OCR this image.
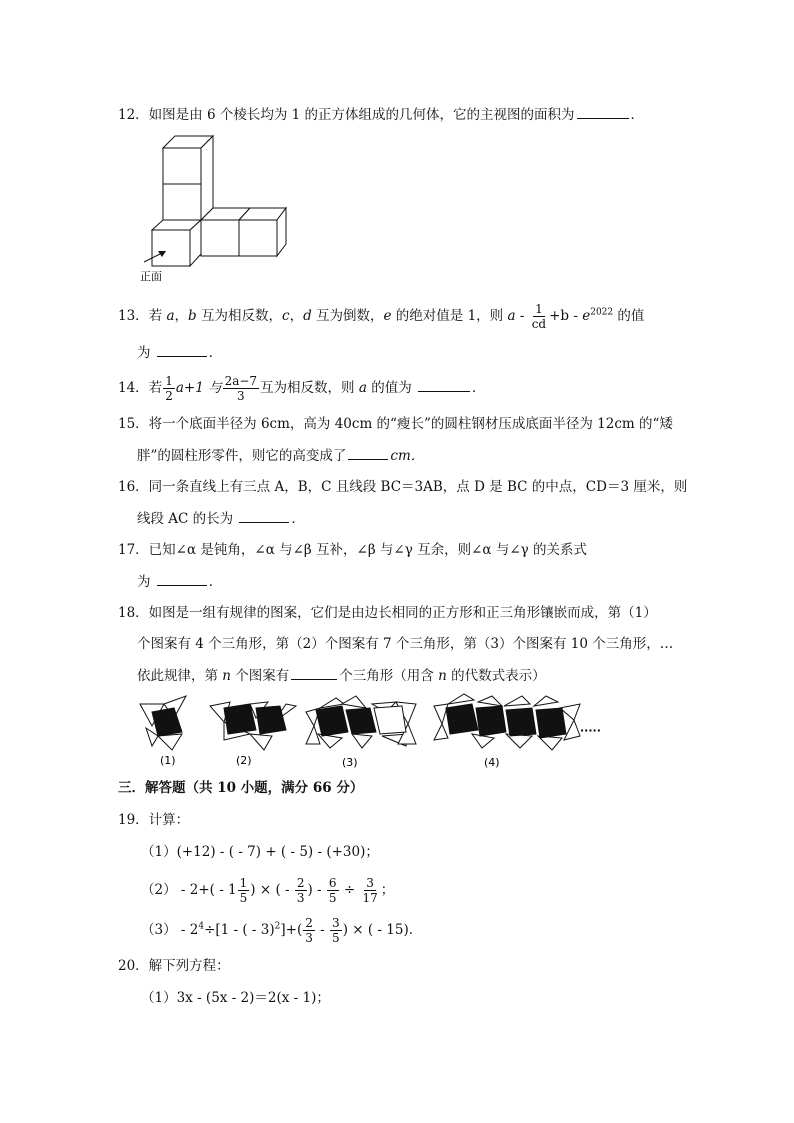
12．如图是由 6 个棱长均为 1 的正方体组成的几何体，它的主视图的面积为	．
正面
13．若 a，b 互为相反数，c，d 互为倒数，e 的绝对值是 1，则 $a - \frac{1}{cd} +b - e^{2022}$ 的值
为	．
14．若 $\frac{1}{2} a+1$ 与 $\frac{2a-7}{3}$ 互为相反数，则 a 的值为	．
15．将一个底面半径为 6cm，高为 40cm 的“瘦长”的圆柱钢材压成底面半径为 12cm 的“矮
胖”的圆柱形零件，则它的高变成了	cm．
16．同一条直线上有三点 A，B，C 且线段 BC＝3AB，点 D 是 BC 的中点，CD＝3 厘米，则
线段 AC 的长为	．
17．已知∠α 是钝角，∠α 与∠β 互补，∠β 与∠γ 互余，则∠α 与∠γ 的关系式
为	．
18．如图是一组有规律的图案，它们是由边长相同的正方形和正三角形镶嵌而成，第（1）
个图案有 4 个三角形，第（2）个图案有 7 个三角形，第（3）个图案有 10 个三角形，…
依此规律，第 n 个图案有	个三角形（用含 n 的代数式表示）
(1)	(2)	(3)	(4)
·····
三．解答题（共 10 小题，满分 66 分）
19．计算：
（1）(+12) - ( - 7) + ( - 5) - (+30)；
$(2) - 2+( - 1 \frac{1}{5}$ ) × ( - $\frac{2}{3}$ ) - $\frac{6}{5} \div \frac{3}{17}$ ；
$(3) - 2^4\div[1$ - ( - $3)^2]+( \frac{2}{3} - \frac{3}{5}$ ) × ( - 15)．
20．解下列方程：
（1）3x - (5x - 2)＝2(x - 1)；
